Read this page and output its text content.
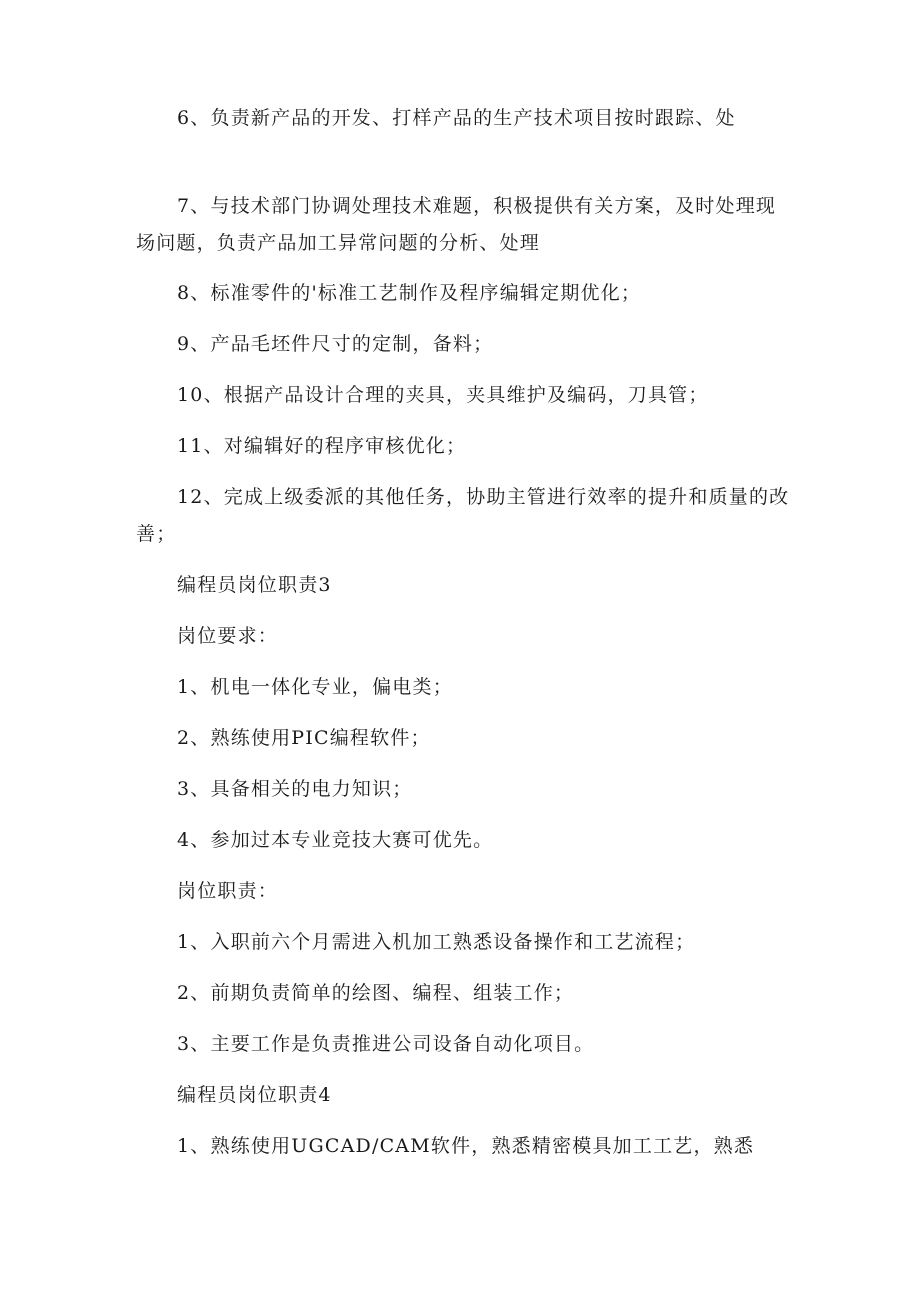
6、负责新产品的开发、打样产品的生产技术项目按时跟踪、处
7、与技术部门协调处理技术难题，积极提供有关方案，及时处理现
场问题，负责产品加工异常问题的分析、处理
8、标准零件的'标准工艺制作及程序编辑定期优化；
9、产品毛坯件尺寸的定制，备料；
10、根据产品设计合理的夹具，夹具维护及编码，刀具管；
11、对编辑好的程序审核优化；
12、完成上级委派的其他任务，协助主管进行效率的提升和质量的改
善；
编程员岗位职责3
岗位要求：
1、机电一体化专业，偏电类；
2、熟练使用PIC编程软件；
3、具备相关的电力知识；
4、参加过本专业竞技大赛可优先。
岗位职责：
1、入职前六个月需进入机加工熟悉设备操作和工艺流程；
2、前期负责简单的绘图、编程、组装工作；
3、主要工作是负责推进公司设备自动化项目。
编程员岗位职责4
1、熟练使用UGCAD/CAM软件，熟悉精密模具加工工艺，熟悉
